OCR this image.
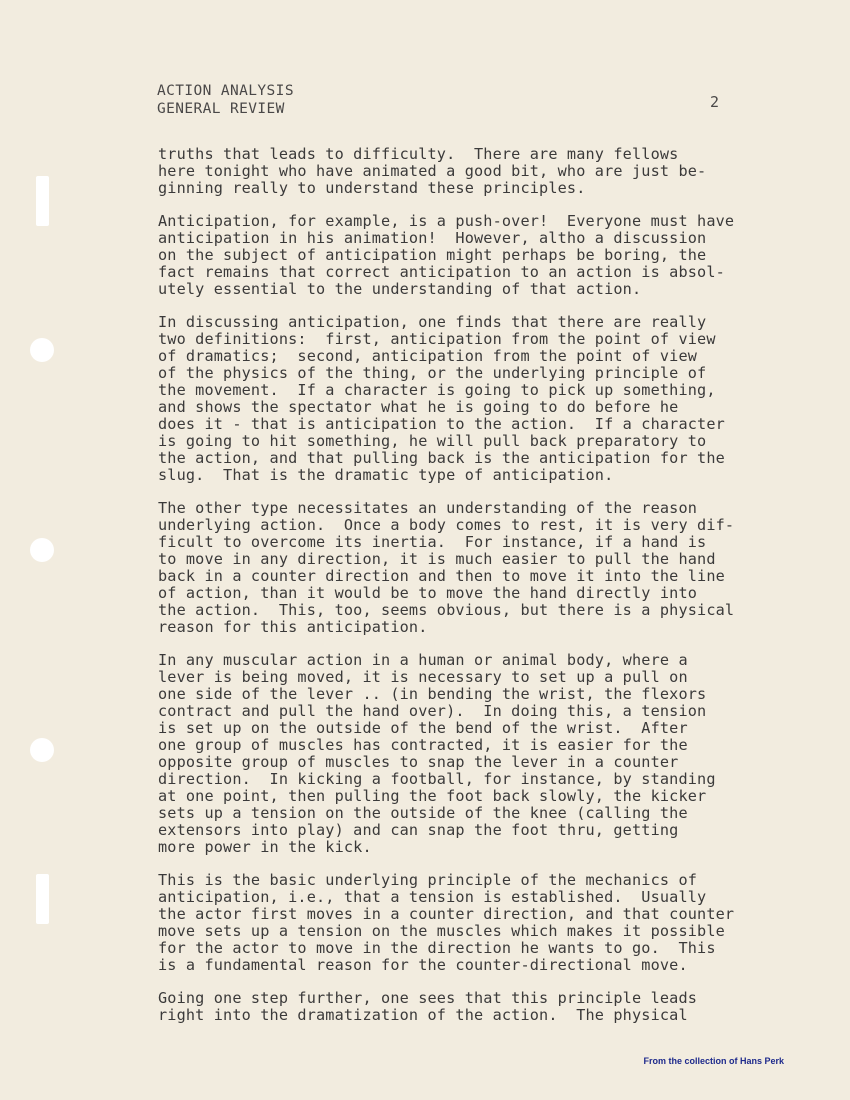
ACTION ANALYSIS
GENERAL REVIEW	2
truths that leads to difficulty.  There are many fellows
here tonight who have animated a good bit, who are just be-
ginning really to understand these principles.
Anticipation, for example, is a push-over!  Everyone must have
anticipation in his animation!  However, altho a discussion
on the subject of anticipation might perhaps be boring, the
fact remains that correct anticipation to an action is absol-
utely essential to the understanding of that action.
In discussing anticipation, one finds that there are really
two definitions:  first, anticipation from the point of view
of dramatics;  second, anticipation from the point of view
of the physics of the thing, or the underlying principle of
the movement.  If a character is going to pick up something,
and shows the spectator what he is going to do before he
does it - that is anticipation to the action.  If a character
is going to hit something, he will pull back preparatory to
the action, and that pulling back is the anticipation for the
slug.  That is the dramatic type of anticipation.
The other type necessitates an understanding of the reason
underlying action.  Once a body comes to rest, it is very dif-
ficult to overcome its inertia.  For instance, if a hand is
to move in any direction, it is much easier to pull the hand
back in a counter direction and then to move it into the line
of action, than it would be to move the hand directly into
the action.  This, too, seems obvious, but there is a physical
reason for this anticipation.
In any muscular action in a human or animal body, where a
lever is being moved, it is necessary to set up a pull on
one side of the lever .. (in bending the wrist, the flexors
contract and pull the hand over).  In doing this, a tension
is set up on the outside of the bend of the wrist.  After
one group of muscles has contracted, it is easier for the
opposite group of muscles to snap the lever in a counter
direction.  In kicking a football, for instance, by standing
at one point, then pulling the foot back slowly, the kicker
sets up a tension on the outside of the knee (calling the
extensors into play) and can snap the foot thru, getting
more power in the kick.
This is the basic underlying principle of the mechanics of
anticipation, i.e., that a tension is established.  Usually
the actor first moves in a counter direction, and that counter
move sets up a tension on the muscles which makes it possible
for the actor to move in the direction he wants to go.  This
is a fundamental reason for the counter-directional move.
Going one step further, one sees that this principle leads
right into the dramatization of the action.  The physical
From the collection of Hans Perk
